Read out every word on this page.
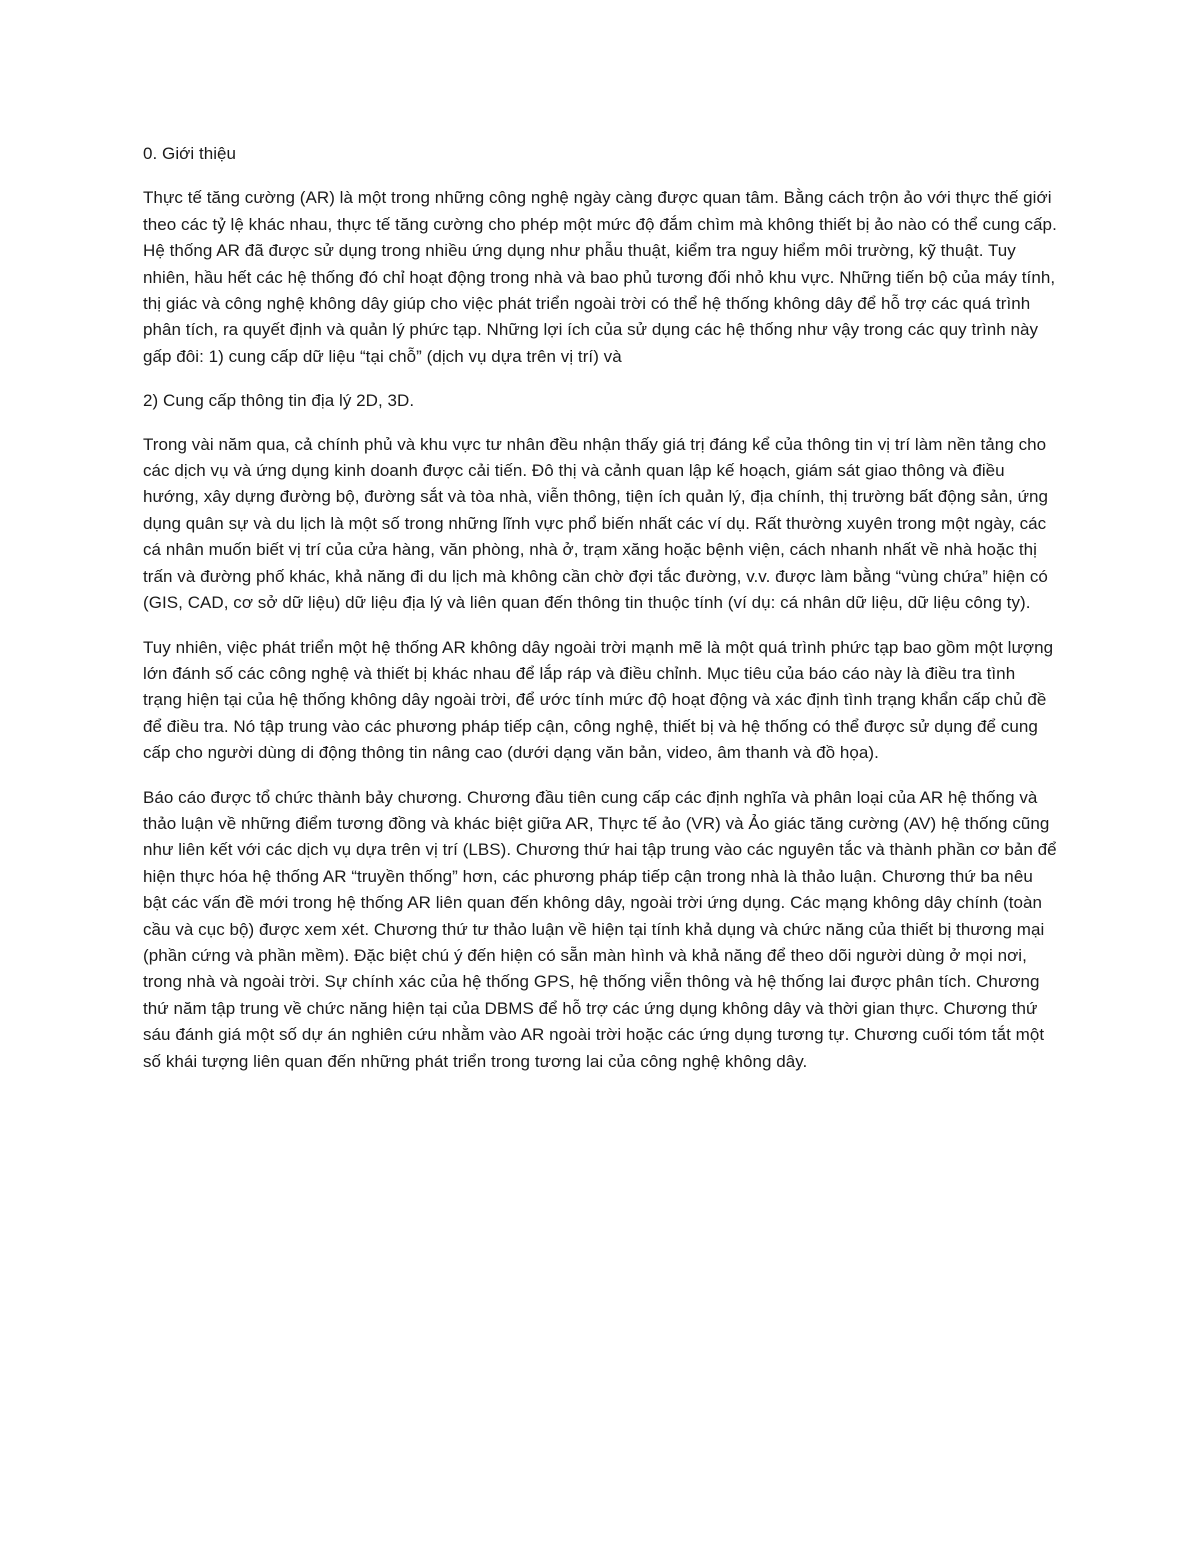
0. Giới thiệu

Thực tế tăng cường (AR) là một trong những công nghệ ngày càng được quan tâm. Bằng cách trộn ảo với thực thế giới theo các tỷ lệ khác nhau, thực tế tăng cường cho phép một mức độ đắm chìm mà không thiết bị ảo nào có thể cung cấp. Hệ thống AR đã được sử dụng trong nhiều ứng dụng như phẫu thuật, kiểm tra nguy hiểm môi trường, kỹ thuật. Tuy nhiên, hầu hết các hệ thống đó chỉ hoạt động trong nhà và bao phủ tương đối nhỏ khu vực. Những tiến bộ của máy tính, thị giác và công nghệ không dây giúp cho việc phát triển ngoài trời có thể hệ thống không dây để hỗ trợ các quá trình phân tích, ra quyết định và quản lý phức tạp. Những lợi ích của sử dụng các hệ thống như vậy trong các quy trình này gấp đôi: 1) cung cấp dữ liệu “tại chỗ” (dịch vụ dựa trên vị trí) và

2) Cung cấp thông tin địa lý 2D, 3D.

Trong vài năm qua, cả chính phủ và khu vực tư nhân đều nhận thấy giá trị đáng kể của thông tin vị trí làm nền tảng cho các dịch vụ và ứng dụng kinh doanh được cải tiến. Đô thị và cảnh quan lập kế hoạch, giám sát giao thông và điều hướng, xây dựng đường bộ, đường sắt và tòa nhà, viễn thông, tiện ích quản lý, địa chính, thị trường bất động sản, ứng dụng quân sự và du lịch là một số trong những lĩnh vực phổ biến nhất các ví dụ. Rất thường xuyên trong một ngày, các cá nhân muốn biết vị trí của cửa hàng, văn phòng, nhà ở, trạm xăng hoặc bệnh viện, cách nhanh nhất về nhà hoặc thị trấn và đường phố khác, khả năng đi du lịch mà không cần chờ đợi tắc đường, v.v. được làm bằng “vùng chứa” hiện có (GIS, CAD, cơ sở dữ liệu) dữ liệu địa lý và liên quan đến thông tin thuộc tính (ví dụ: cá nhân dữ liệu, dữ liệu công ty).

Tuy nhiên, việc phát triển một hệ thống AR không dây ngoài trời mạnh mẽ là một quá trình phức tạp bao gồm một lượng lớn đánh số các công nghệ và thiết bị khác nhau để lắp ráp và điều chỉnh. Mục tiêu của báo cáo này là điều tra tình trạng hiện tại của hệ thống không dây ngoài trời, để ước tính mức độ hoạt động và xác định tình trạng khẩn cấp chủ đề để điều tra. Nó tập trung vào các phương pháp tiếp cận, công nghệ, thiết bị và hệ thống có thể được sử dụng để cung cấp cho người dùng di động thông tin nâng cao (dưới dạng văn bản, video, âm thanh và đồ họa).

Báo cáo được tổ chức thành bảy chương. Chương đầu tiên cung cấp các định nghĩa và phân loại của AR hệ thống và thảo luận về những điểm tương đồng và khác biệt giữa AR, Thực tế ảo (VR) và Ảo giác tăng cường (AV) hệ thống cũng như liên kết với các dịch vụ dựa trên vị trí (LBS). Chương thứ hai tập trung vào các nguyên tắc và thành phần cơ bản để hiện thực hóa hệ thống AR “truyền thống” hơn, các phương pháp tiếp cận trong nhà là thảo luận. Chương thứ ba nêu bật các vấn đề mới trong hệ thống AR liên quan đến không dây, ngoài trời ứng dụng. Các mạng không dây chính (toàn cầu và cục bộ) được xem xét. Chương thứ tư thảo luận về hiện tại tính khả dụng và chức năng của thiết bị thương mại (phần cứng và phần mềm). Đặc biệt chú ý đến hiện có sẵn màn hình và khả năng để theo dõi người dùng ở mọi nơi, trong nhà và ngoài trời. Sự chính xác của hệ thống GPS, hệ thống viễn thông và hệ thống lai được phân tích. Chương thứ năm tập trung về chức năng hiện tại của DBMS để hỗ trợ các ứng dụng không dây và thời gian thực. Chương thứ sáu đánh giá một số dự án nghiên cứu nhằm vào AR ngoài trời hoặc các ứng dụng tương tự. Chương cuối tóm tắt một số khái tượng liên quan đến những phát triển trong tương lai của công nghệ không dây.
